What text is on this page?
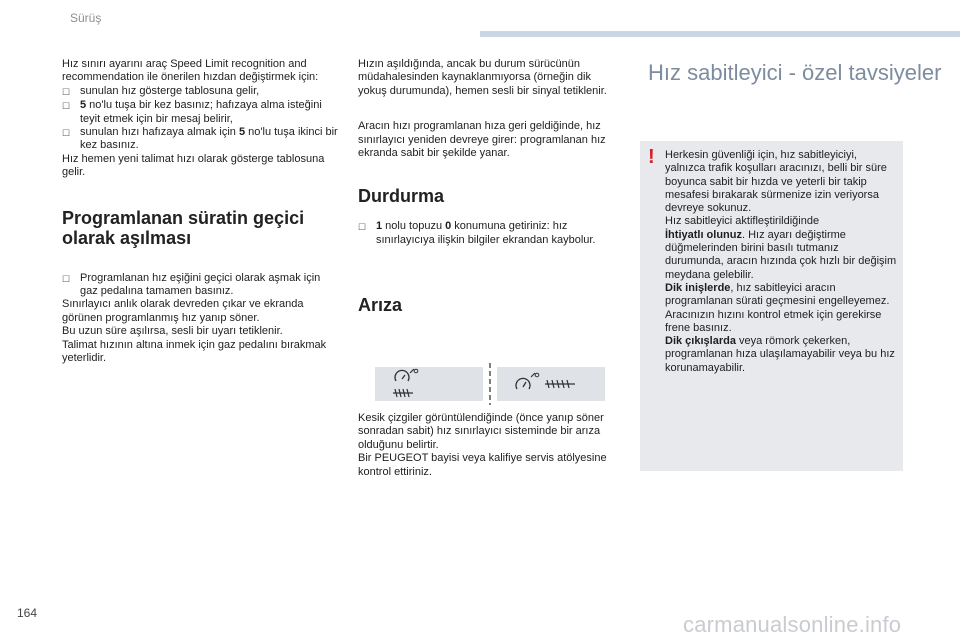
Sürüş

Hız sınırı ayarını araç Speed Limit recognition and recommendation ile önerilen hızdan değiştirmek için:

☐ sunulan hız gösterge tablosuna gelir,
☐ 5 no'lu tuşa bir kez basınız; hafızaya alma isteğini teyit etmek için bir mesaj belirir,
☐ sunulan hızı hafızaya almak için 5 no'lu tuşa ikinci bir kez basınız.

Hız hemen yeni talimat hızı olarak gösterge tablosuna gelir.

Programlanan süratin geçici olarak aşılması
☐ Programlanan hız eşiğini geçici olarak aşmak için gaz pedalına tamamen basınız.

Sınırlayıcı anlık olarak devreden çıkar ve ekranda görünen programlanmış hız yanıp söner.

Bu uzun süre aşılırsa, sesli bir uyarı tetiklenir.

Talimat hızının altına inmek için gaz pedalını bırakmak yeterlidir.

Hızın aşıldığında, ancak bu durum sürücünün müdahalesinden kaynaklanmıyorsa (örneğin dik yokuş durumunda), hemen sesli bir sinyal tetiklenir.

Aracın hızı programlanan hıza geri geldiğinde, hız sınırlayıcı yeniden devreye girer: programlanan hız ekranda sabit bir şekilde yanar.

Durdurma
☐ 1 nolu topuzu 0 konumuna getiriniz: hız sınırlayıcıya ilişkin bilgiler ekrandan kaybolur.
Arıza

Kesik çizgiler görüntülendiğinde (önce yanıp söner sonradan sabit) hız sınırlayıcı sisteminde bir arıza olduğunu belirtir.

Bir PEUGEOT bayisi veya kalifiye servis atölyesine kontrol ettiriniz.

Hız sabitleyici - özel tavsiyeler
! Herkesin güvenliği için, hız sabitleyiciyi, yalnızca trafik koşulları aracınızı, belli bir süre boyunca sabit bir hızda ve yeterli bir takip mesafesi bırakarak sürmenize izin veriyorsa devreye sokunuz.
Hız sabitleyici aktifleştirildiğinde
İhtiyatlı olunuz. Hız ayarı değiştirme düğmelerinden birini basılı tutmanız durumunda, aracın hızında çok hızlı bir değişim meydana gelebilir.
Dik inişlerde, hız sabitleyici aracın programlanan sürati geçmesini engelleyemez. Aracınızın hızını kontrol etmek için gerekirse frene basınız.
Dik çıkışlarda veya römork çekerken, programlanan hıza ulaşılamayabilir veya bu hız korunamayabilir.
164	carmanualsonline.info
